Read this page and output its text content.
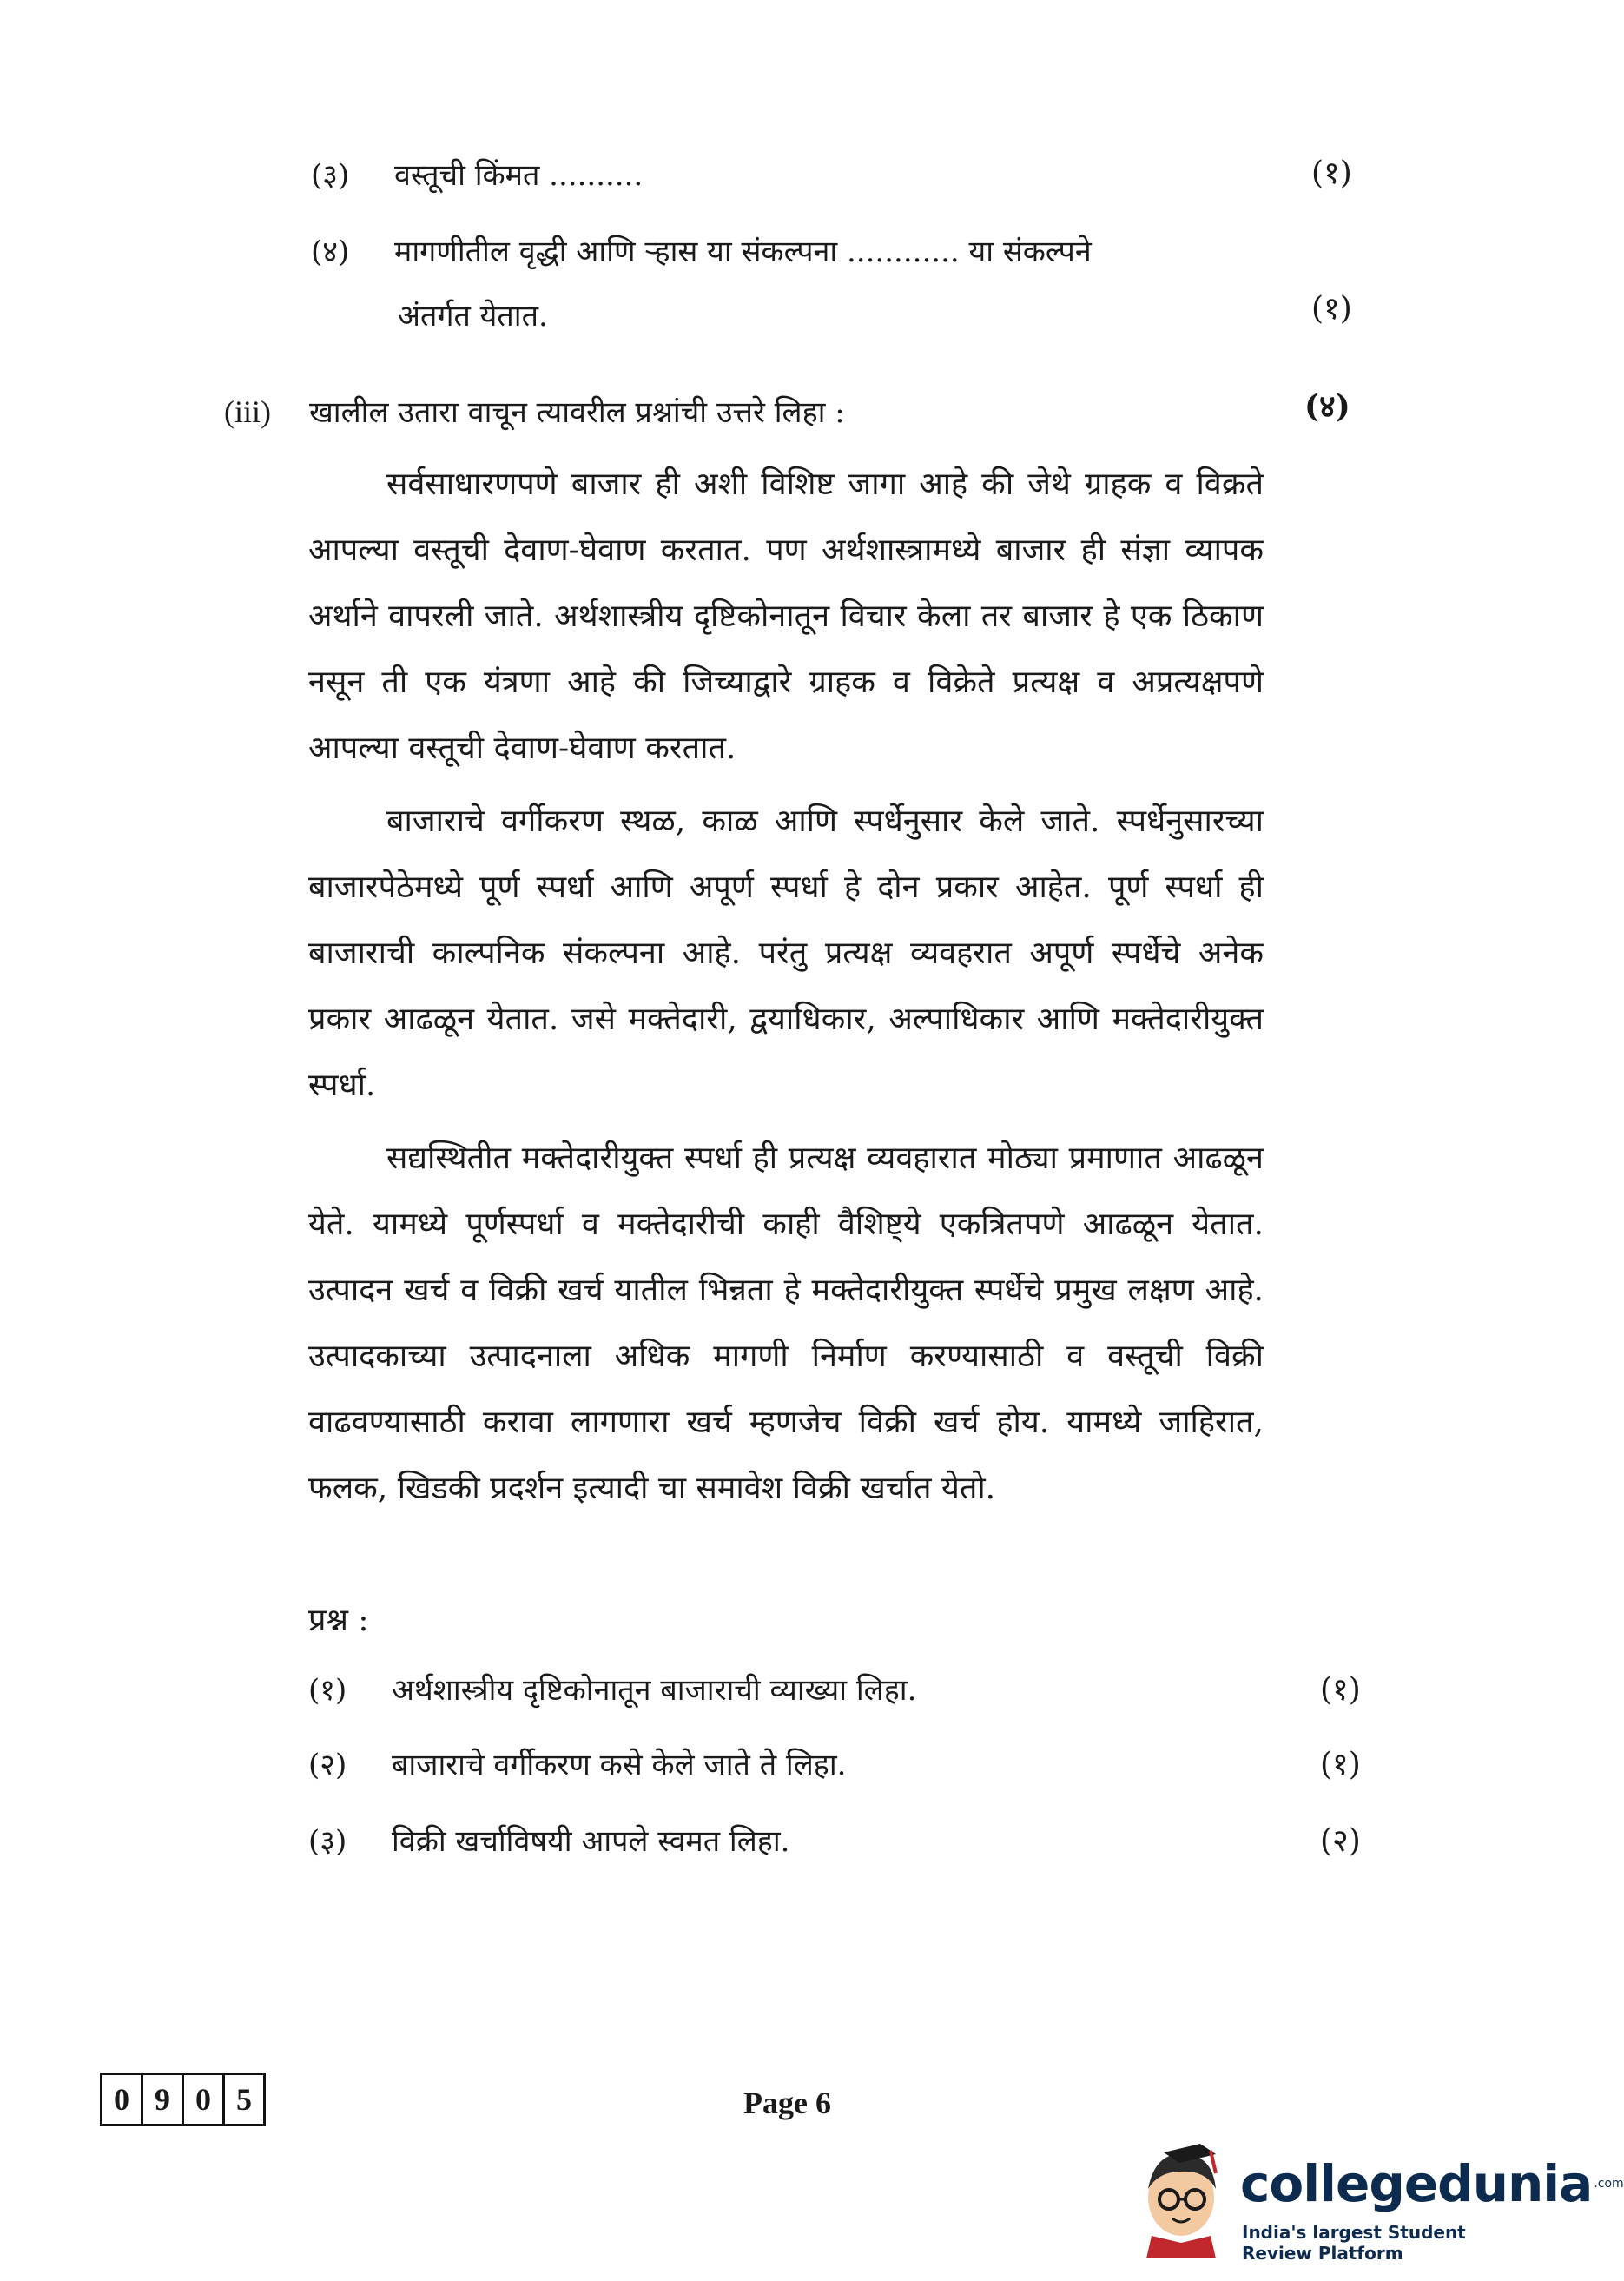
(३) वस्तूची किंमत ..........	(१)
(४) मागणीतील वृद्धी आणि ऱ्हास या संकल्पना ............ या संकल्पने
अंतर्गत येतात.	(१)
(iii) खालील उतारा वाचून त्यावरील प्रश्नांची उत्तरे लिहा :	(४)
सर्वसाधारणपणे बाजार ही अशी विशिष्ट जागा आहे की जेथे ग्राहक व विक्रते आपल्या वस्तूची देवाण-घेवाण करतात. पण अर्थशास्त्रामध्ये बाजार ही संज्ञा व्यापक अर्थाने वापरली जाते. अर्थशास्त्रीय दृष्टिकोनातून विचार केला तर बाजार हे एक ठिकाण नसून ती एक यंत्रणा आहे की जिच्याद्वारे ग्राहक व विक्रेते प्रत्यक्ष व अप्रत्यक्षपणे आपल्या वस्तूची देवाण-घेवाण करतात.
बाजाराचे वर्गीकरण स्थळ, काळ आणि स्पर्धेनुसार केले जाते. स्पर्धेनुसारच्या बाजारपेठेमध्ये पूर्ण स्पर्धा आणि अपूर्ण स्पर्धा हे दोन प्रकार आहेत. पूर्ण स्पर्धा ही बाजाराची काल्पनिक संकल्पना आहे. परंतु प्रत्यक्ष व्यवहरात अपूर्ण स्पर्धेचे अनेक प्रकार आढळून येतात. जसे मक्तेदारी, द्वयाधिकार, अल्पाधिकार आणि मक्तेदारीयुक्त स्पर्धा.
सद्यस्थितीत मक्तेदारीयुक्त स्पर्धा ही प्रत्यक्ष व्यवहारात मोठ्या प्रमाणात आढळून येते. यामध्ये पूर्णस्पर्धा व मक्तेदारीची काही वैशिष्ट्ये एकत्रितपणे आढळून येतात. उत्पादन खर्च व विक्री खर्च यातील भिन्नता हे मक्तेदारीयुक्त स्पर्धेचे प्रमुख लक्षण आहे. उत्पादकाच्या उत्पादनाला अधिक मागणी निर्माण करण्यासाठी व वस्तूची विक्री वाढवण्यासाठी करावा लागणारा खर्च म्हणजेच विक्री खर्च होय. यामध्ये जाहिरात, फलक, खिडकी प्रदर्शन इत्यादी चा समावेश विक्री खर्चात येतो.
प्रश्न :
(१) अर्थशास्त्रीय दृष्टिकोनातून बाजाराची व्याख्या लिहा.	(१)
(२) बाजाराचे वर्गीकरण कसे केले जाते ते लिहा.	(१)
(३) विक्री खर्चाविषयी आपले स्वमत लिहा.	(२)
0 9 0 5	Page 6
collegedunia .com
India's largest Student Review Platform
